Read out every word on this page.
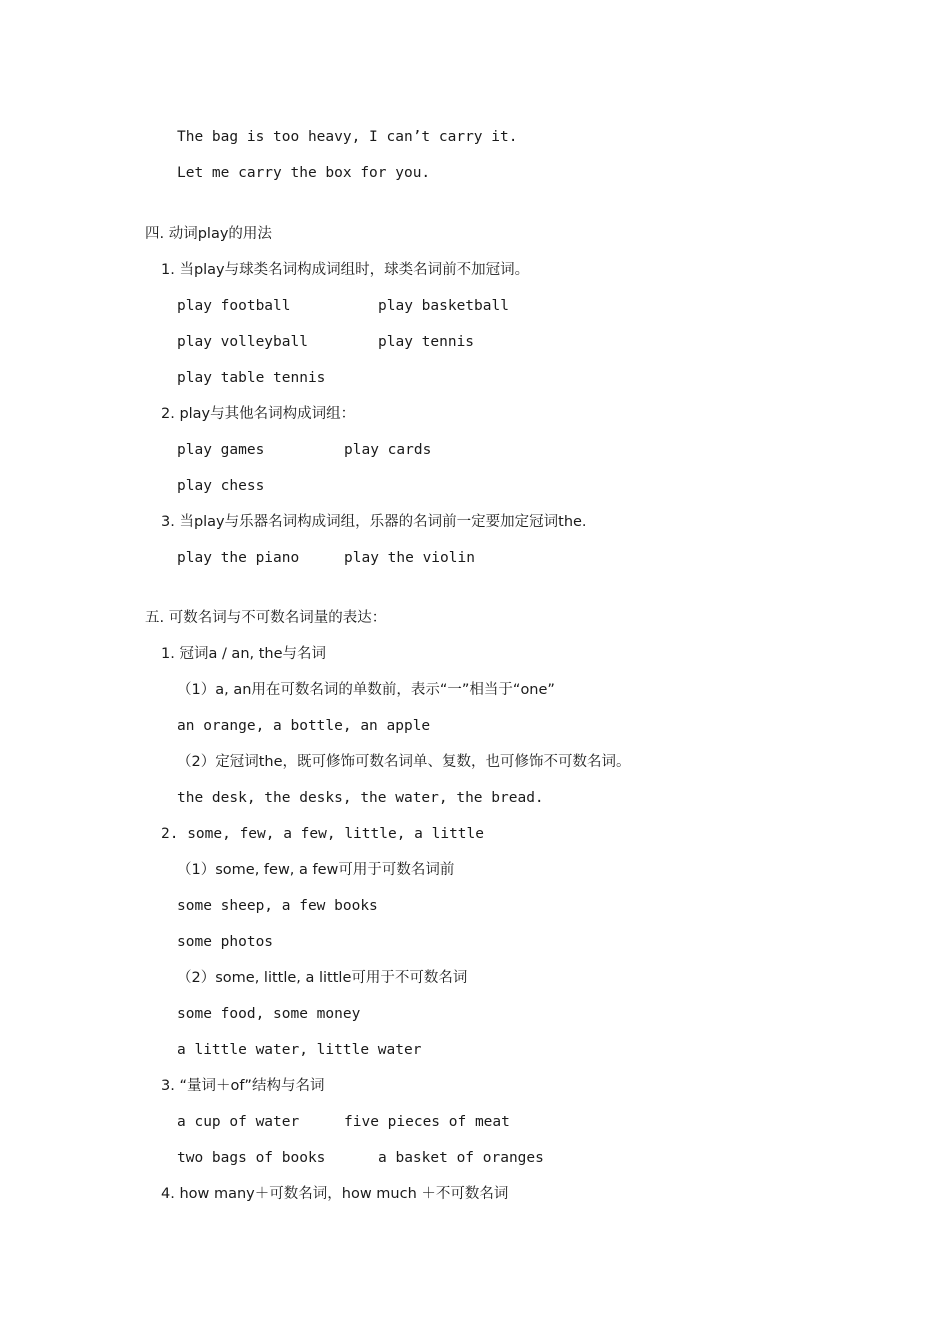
The bag is too heavy, I can’t carry it.
Let me carry the box for you.
四. 动词play的用法
1. 当play与球类名词构成词组时，球类名词前不加冠词。
play football	play basketball
play volleyball	play tennis
play table tennis
2. play与其他名词构成词组：
play games	play cards
play chess
3. 当play与乐器名词构成词组，乐器的名词前一定要加定冠词the.
play the piano	play the violin
五. 可数名词与不可数名词量的表达：
1. 冠词a / an, the与名词
（1）a, an用在可数名词的单数前，表示“一”相当于“one”
an orange, a bottle, an apple
（2）定冠词the，既可修饰可数名词单、复数，也可修饰不可数名词。
the desk, the desks, the water, the bread.
2. some, few, a few, little, a little
（1）some, few, a few可用于可数名词前
some sheep, a few books
some photos
（2）some, little, a little可用于不可数名词
some food, some money
a little water, little water
3. “量词＋of”结构与名词
a cup of water	five pieces of meat
two bags of books	a basket of oranges
4. how many＋可数名词，how much ＋不可数名词
